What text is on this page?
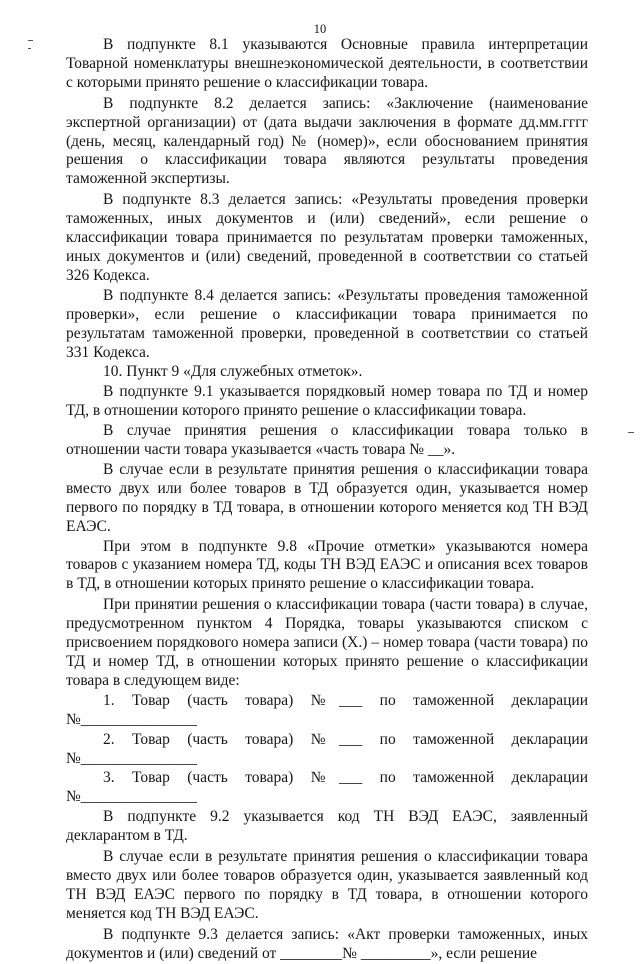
10

В подпункте 8.1 указываются Основные правила интерпретации Товарной номенклатуры внешнеэкономической деятельности, в соответствии с которыми принято решение о классификации товара.

В подпункте 8.2 делается запись: «Заключение (наименование экспертной организации) от (дата выдачи заключения в формате дд.мм.гггг (день, месяц, календарный год) № (номер)», если обоснованием принятия решения о классификации товара являются результаты проведения таможенной экспертизы.

В подпункте 8.3 делается запись: «Результаты проведения проверки таможенных, иных документов и (или) сведений», если решение о классификации товара принимается по результатам проверки таможенных, иных документов и (или) сведений, проведенной в соответствии со статьей 326 Кодекса.

В подпункте 8.4 делается запись: «Результаты проведения таможенной проверки», если решение о классификации товара принимается по результатам таможенной проверки, проведенной в соответствии со статьей 331 Кодекса.

10. Пункт 9 «Для служебных отметок».

В подпункте 9.1 указывается порядковый номер товара по ТД и номер ТД, в отношении которого принято решение о классификации товара.

В случае принятия решения о классификации товара только в отношении части товара указывается «часть товара № __».

В случае если в результате принятия решения о классификации товара вместо двух или более товаров в ТД образуется один, указывается номер первого по порядку в ТД товара, в отношении которого меняется код ТН ВЭД ЕАЭС.

При этом в подпункте 9.8 «Прочие отметки» указываются номера товаров с указанием номера ТД, коды ТН ВЭД ЕАЭС и описания всех товаров в ТД, в отношении которых принято решение о классификации товара.

При принятии решения о классификации товара (части товара) в случае, предусмотренном пунктом 4 Порядка, товары указываются списком с присвоением порядкового номера записи (X.) – номер товара (части товара) по ТД и номер ТД, в отношении которых принято решение о классификации товара в следующем виде:

1. Товар (часть товара) №___ по таможенной декларации №_______________

2. Товар (часть товара) №___ по таможенной декларации №_______________

3. Товар (часть товара) №___ по таможенной декларации №_______________

В подпункте 9.2 указывается код ТН ВЭД ЕАЭС, заявленный декларантом в ТД.

В случае если в результате принятия решения о классификации товара вместо двух или более товаров образуется один, указывается заявленный код ТН ВЭД ЕАЭС первого по порядку в ТД товара, в отношении которого меняется код ТН ВЭД ЕАЭС.

В подпункте 9.3 делается запись: «Акт проверки таможенных, иных документов и (или) сведений от ________№ _________», если решение
